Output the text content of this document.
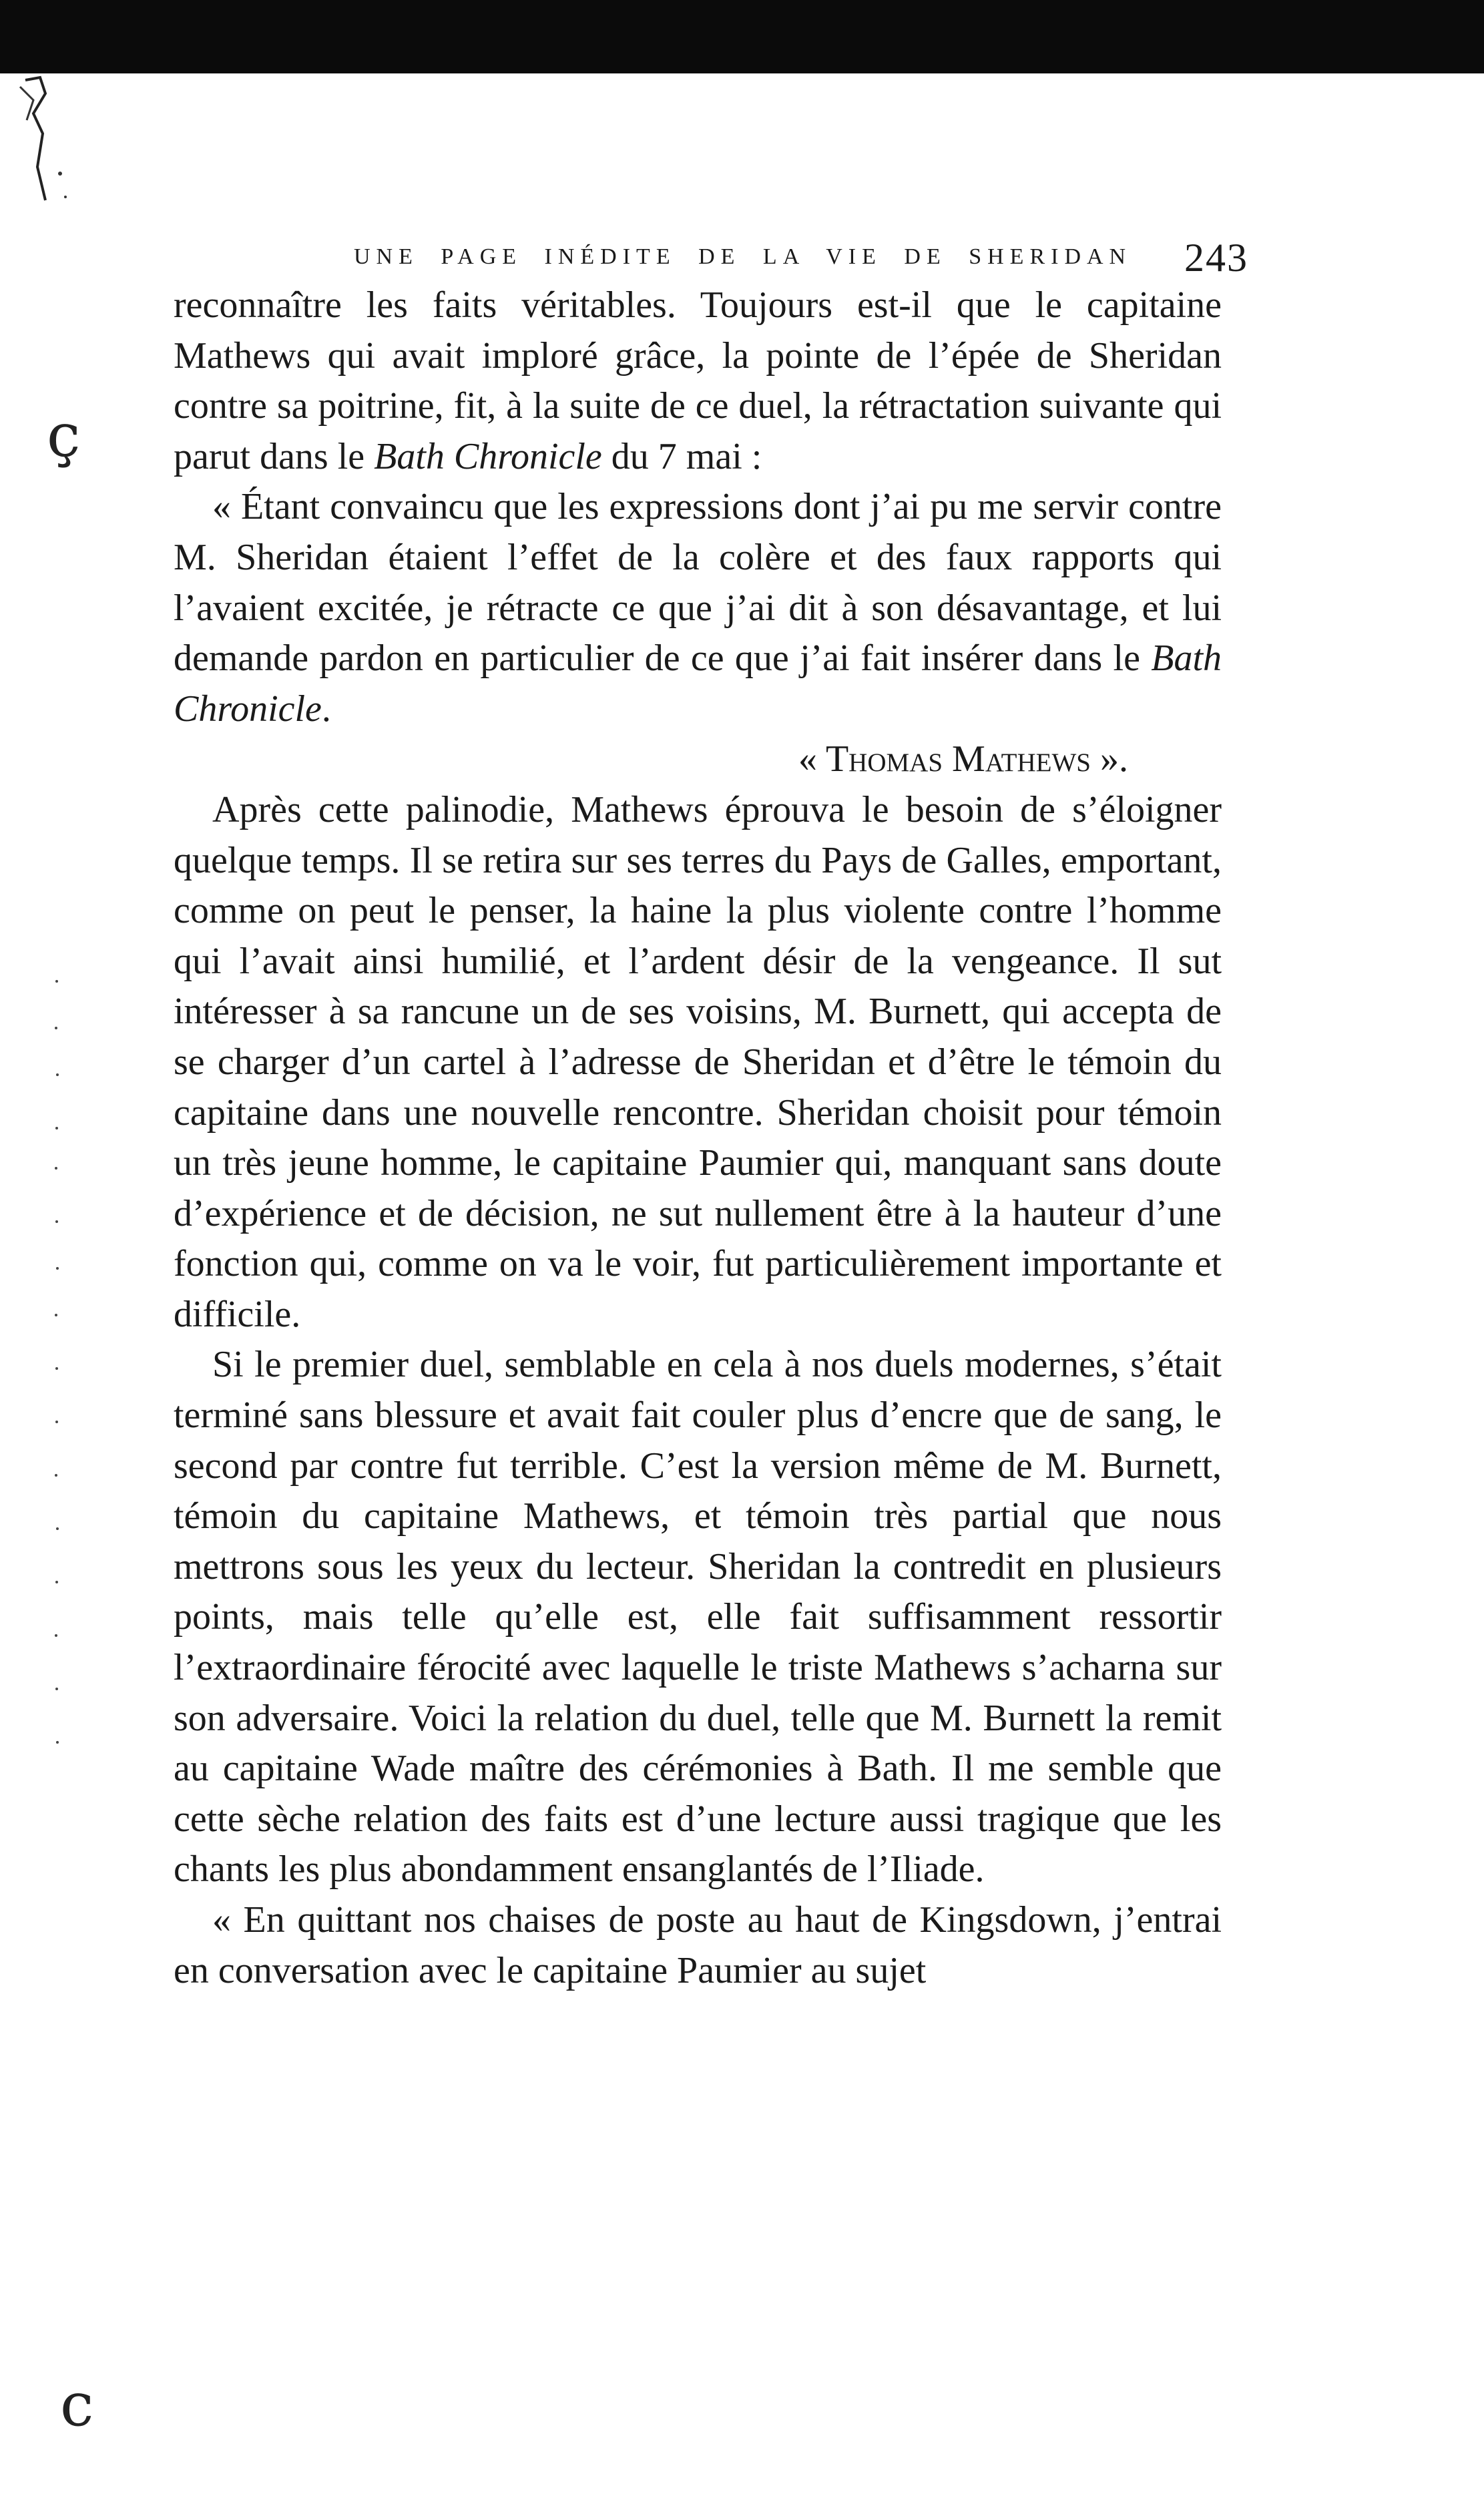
ç
c
UNE PAGE INÉDITE DE LA VIE DE SHERIDAN 243

reconnaître les faits véritables. Toujours est-il que le capitaine Mathews qui avait imploré grâce, la pointe de l’épée de Sheridan contre sa poitrine, fit, à la suite de ce duel, la rétractation suivante qui parut dans le Bath Chronicle du 7 mai :

« Étant convaincu que les expressions dont j’ai pu me servir contre M. Sheridan étaient l’effet de la colère et des faux rapports qui l’avaient excitée, je rétracte ce que j’ai dit à son désavantage, et lui demande pardon en particulier de ce que j’ai fait insérer dans le Bath Chronicle.

« Thomas Mathews ».

Après cette palinodie, Mathews éprouva le besoin de s’éloigner quelque temps. Il se retira sur ses terres du Pays de Galles, emportant, comme on peut le penser, la haine la plus violente contre l’homme qui l’avait ainsi humilié, et l’ardent désir de la vengeance. Il sut intéresser à sa rancune un de ses voisins, M. Burnett, qui accepta de se charger d’un cartel à l’adresse de Sheridan et d’être le témoin du capitaine dans une nouvelle rencontre. Sheridan choisit pour témoin un très jeune homme, le capitaine Paumier qui, manquant sans doute d’expérience et de décision, ne sut nullement être à la hauteur d’une fonction qui, comme on va le voir, fut particulièrement importante et difficile.

Si le premier duel, semblable en cela à nos duels modernes, s’était terminé sans blessure et avait fait couler plus d’encre que de sang, le second par contre fut terrible. C’est la version même de M. Burnett, témoin du capitaine Mathews, et témoin très partial que nous mettrons sous les yeux du lecteur. Sheridan la contredit en plusieurs points, mais telle qu’elle est, elle fait suffisamment ressortir l’extraordinaire férocité avec laquelle le triste Mathews s’acharna sur son adversaire. Voici la relation du duel, telle que M. Burnett la remit au capitaine Wade maître des cérémonies à Bath. Il me semble que cette sèche relation des faits est d’une lecture aussi tragique que les chants les plus abondamment ensanglantés de l’Iliade.

« En quittant nos chaises de poste au haut de Kingsdown, j’entrai en conversation avec le capitaine Paumier au sujet
